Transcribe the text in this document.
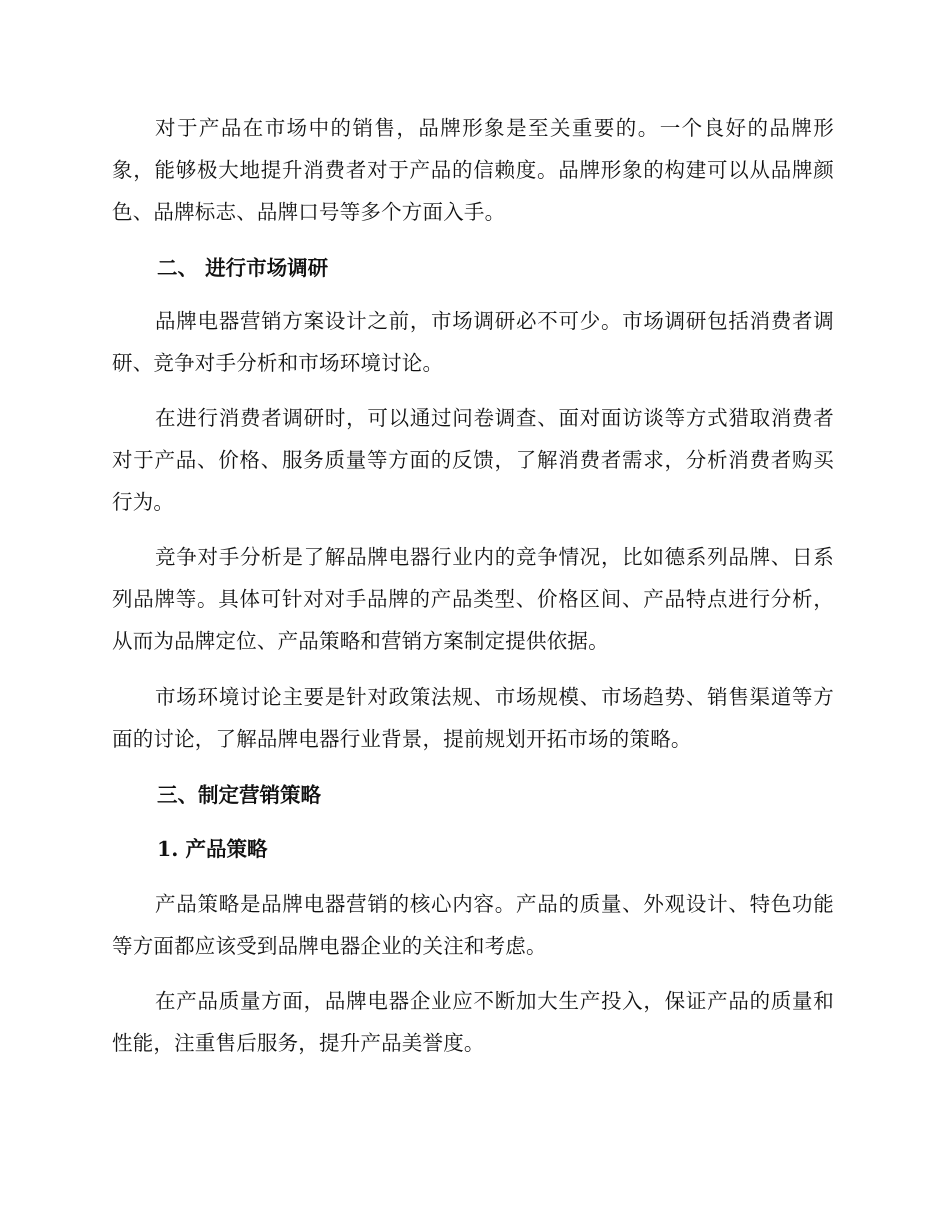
对于产品在市场中的销售，品牌形象是至关重要的。一个良好的品牌形象，能够极大地提升消费者对于产品的信赖度。品牌形象的构建可以从品牌颜色、品牌标志、品牌口号等多个方面入手。

二、 进行市场调研

品牌电器营销方案设计之前，市场调研必不可少。市场调研包括消费者调研、竞争对手分析和市场环境讨论。

在进行消费者调研时，可以通过问卷调查、面对面访谈等方式猎取消费者对于产品、价格、服务质量等方面的反馈，了解消费者需求，分析消费者购买行为。

竞争对手分析是了解品牌电器行业内的竞争情况，比如德系列品牌、日系列品牌等。具体可针对对手品牌的产品类型、价格区间、产品特点进行分析，从而为品牌定位、产品策略和营销方案制定提供依据。

市场环境讨论主要是针对政策法规、市场规模、市场趋势、销售渠道等方面的讨论，了解品牌电器行业背景，提前规划开拓市场的策略。

三、制定营销策略
1. 产品策略

产品策略是品牌电器营销的核心内容。产品的质量、外观设计、特色功能等方面都应该受到品牌电器企业的关注和考虑。

在产品质量方面，品牌电器企业应不断加大生产投入，保证产品的质量和性能，注重售后服务，提升产品美誉度。
